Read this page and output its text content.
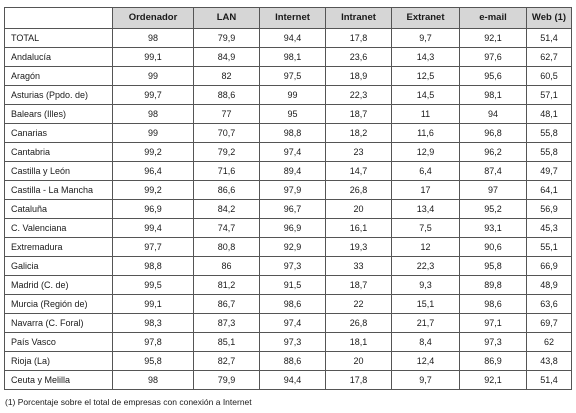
	Ordenador	LAN	Internet	Intranet	Extranet	e-mail	Web (1)
TOTAL	98	79,9	94,4	17,8	9,7	92,1	51,4
Andalucía	99,1	84,9	98,1	23,6	14,3	97,6	62,7
Aragón	99	82	97,5	18,9	12,5	95,6	60,5
Asturias (Ppdo. de)	99,7	88,6	99	22,3	14,5	98,1	57,1
Balears (Illes)	98	77	95	18,7	11	94	48,1
Canarias	99	70,7	98,8	18,2	11,6	96,8	55,8
Cantabria	99,2	79,2	97,4	23	12,9	96,2	55,8
Castilla y León	96,4	71,6	89,4	14,7	6,4	87,4	49,7
Castilla - La Mancha	99,2	86,6	97,9	26,8	17	97	64,1
Cataluña	96,9	84,2	96,7	20	13,4	95,2	56,9
C. Valenciana	99,4	74,7	96,9	16,1	7,5	93,1	45,3
Extremadura	97,7	80,8	92,9	19,3	12	90,6	55,1
Galicia	98,8	86	97,3	33	22,3	95,8	66,9
Madrid (C. de)	99,5	81,2	91,5	18,7	9,3	89,8	48,9
Murcia (Región de)	99,1	86,7	98,6	22	15,1	98,6	63,6
Navarra (C. Foral)	98,3	87,3	97,4	26,8	21,7	97,1	69,7
País Vasco	97,8	85,1	97,3	18,1	8,4	97,3	62
Rioja (La)	95,8	82,7	88,6	20	12,4	86,9	43,8
Ceuta y Melilla	98	79,9	94,4	17,8	9,7	92,1	51,4
(1) Porcentaje sobre el total de empresas con conexión a Internet
